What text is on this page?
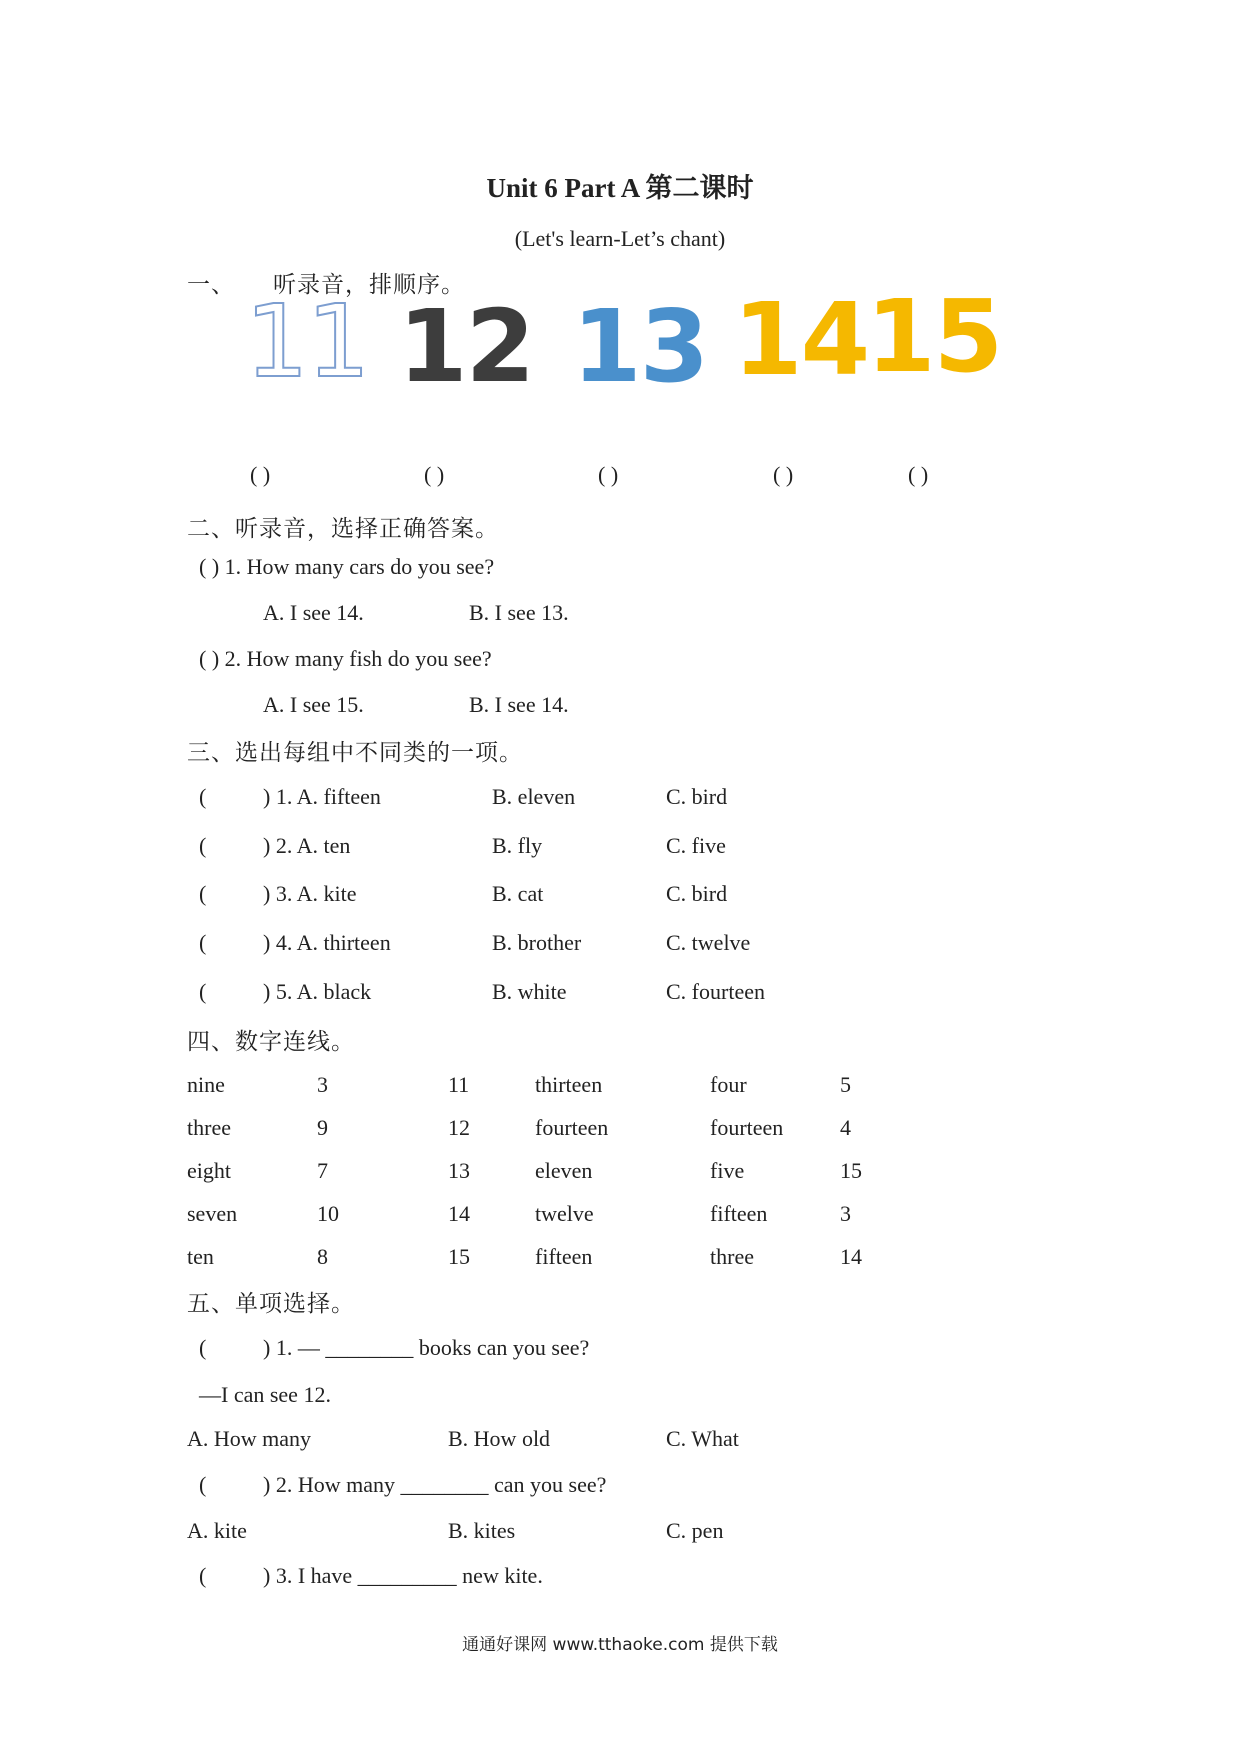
Unit 6 Part A 第二课时
(Let's learn-Let’s chant)
一、 听录音，排顺序。
11 12 13 14
15
( )	( )	( )	( )	( )
二、听录音，选择正确答案。
( ) 1. How many cars do you see?
A. I see 14.	B. I see 13.
( ) 2. How many fish do you see?
A. I see 15.	B. I see 14.
三、选出每组中不同类的一项。
(	) 1. A. fifteen	B. eleven	C. bird
(	) 2. A. ten	B. fly	C. five
(	) 3. A. kite	B. cat	C. bird
(	) 4. A. thirteen	B. brother	C. twelve
(	) 5. A. black	B. white	C. fourteen
四、数字连线。
nine	3	11	thirteen	four	5
three	9	12	fourteen	fourteen	4
eight	7	13	eleven	five	15
seven	10	14	twelve	fifteen	3
ten	8	15	fifteen	three	14
五、单项选择。
(	) 1. — ________ books can you see?
—I can see 12.
A. How many	B. How old	C. What
(	) 2. How many ________ can you see?
A. kite	B. kites	C. pen
(	) 3. I have _________ new kite.
通通好课网 www.tthaoke.com 提供下载
